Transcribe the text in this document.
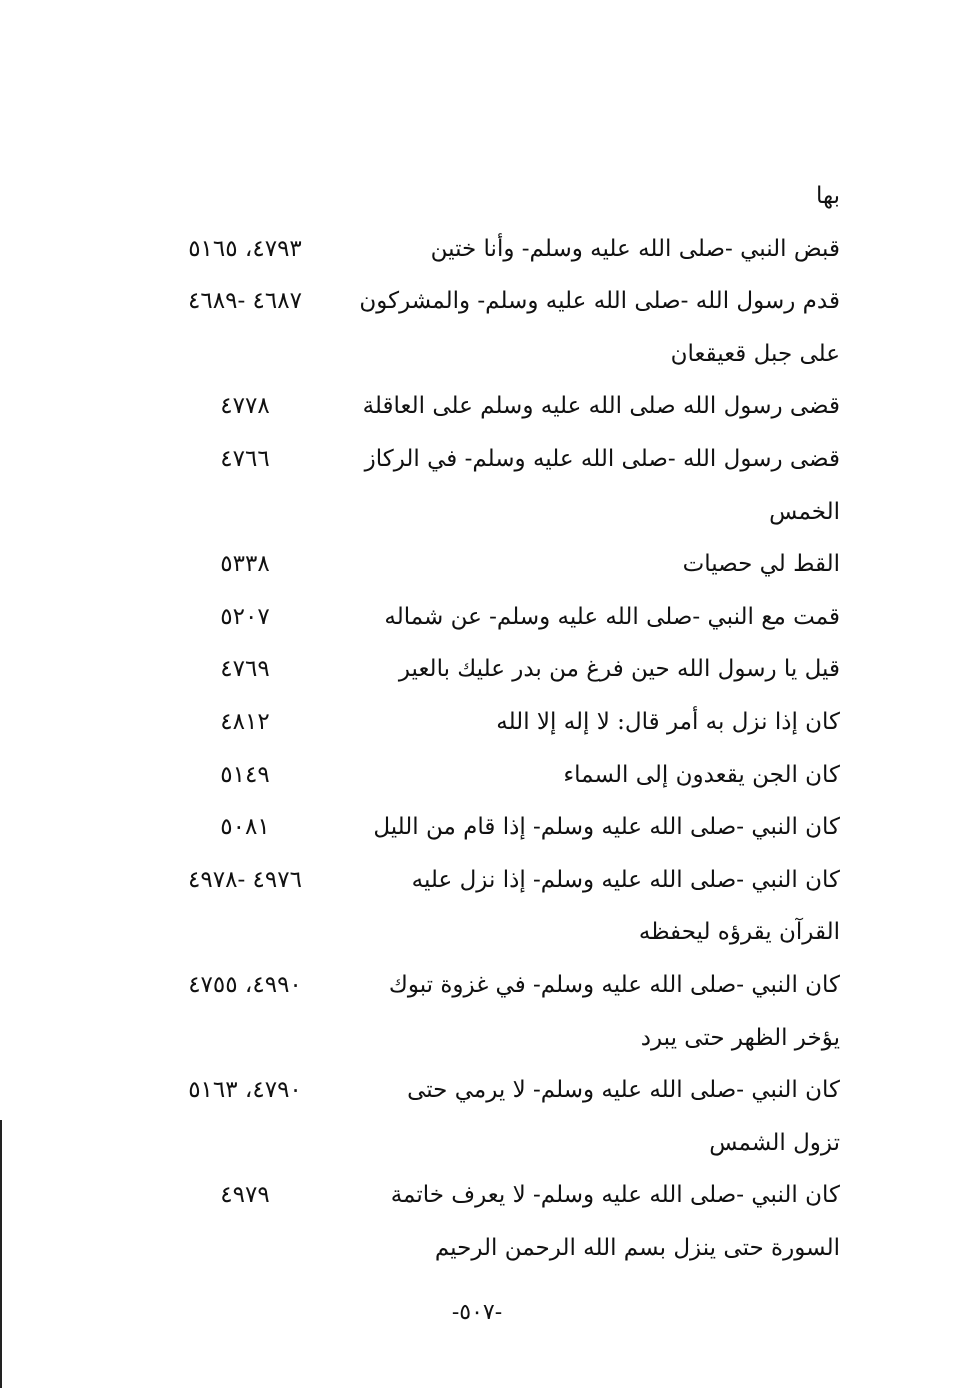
بها
قبض النبي -صلى الله عليه وسلم- وأنا ختين
٤٧٩٣، ٥١٦٥
قدم رسول الله -صلى الله عليه وسلم- والمشركون
٤٦٨٧ -٤٦٨٩
على جبل قعيقعان
قضى رسول الله صلى الله عليه وسلم على العاقلة
٤٧٧٨
قضى رسول الله -صلى الله عليه وسلم- في الركاز
٤٧٦٦
الخمس
القط لي حصيات
٥٣٣٨
قمت مع النبي -صلى الله عليه وسلم- عن شماله
٥٢٠٧
قيل يا رسول الله حين فرغ من بدر عليك بالعير
٤٧٦٩
كان إذا نزل به أمر قال: لا إله إلا الله
٤٨١٢
كان الجن يقعدون إلى السماء
٥١٤٩
كان النبي -صلى الله عليه وسلم- إذا قام من الليل
٥٠٨١
كان النبي -صلى الله عليه وسلم- إذا نزل عليه
٤٩٧٦ -٤٩٧٨
القرآن يقرؤه ليحفظه
كان النبي -صلى الله عليه وسلم- في غزوة تبوك
٤٩٩٠، ٤٧٥٥
يؤخر الظهر حتى يبرد
كان النبي -صلى الله عليه وسلم- لا يرمي حتى
٤٧٩٠، ٥١٦٣
تزول الشمس
كان النبي -صلى الله عليه وسلم- لا يعرف خاتمة
٤٩٧٩
السورة حتى ينزل بسم الله الرحمن الرحيم
-٥٠٧-
